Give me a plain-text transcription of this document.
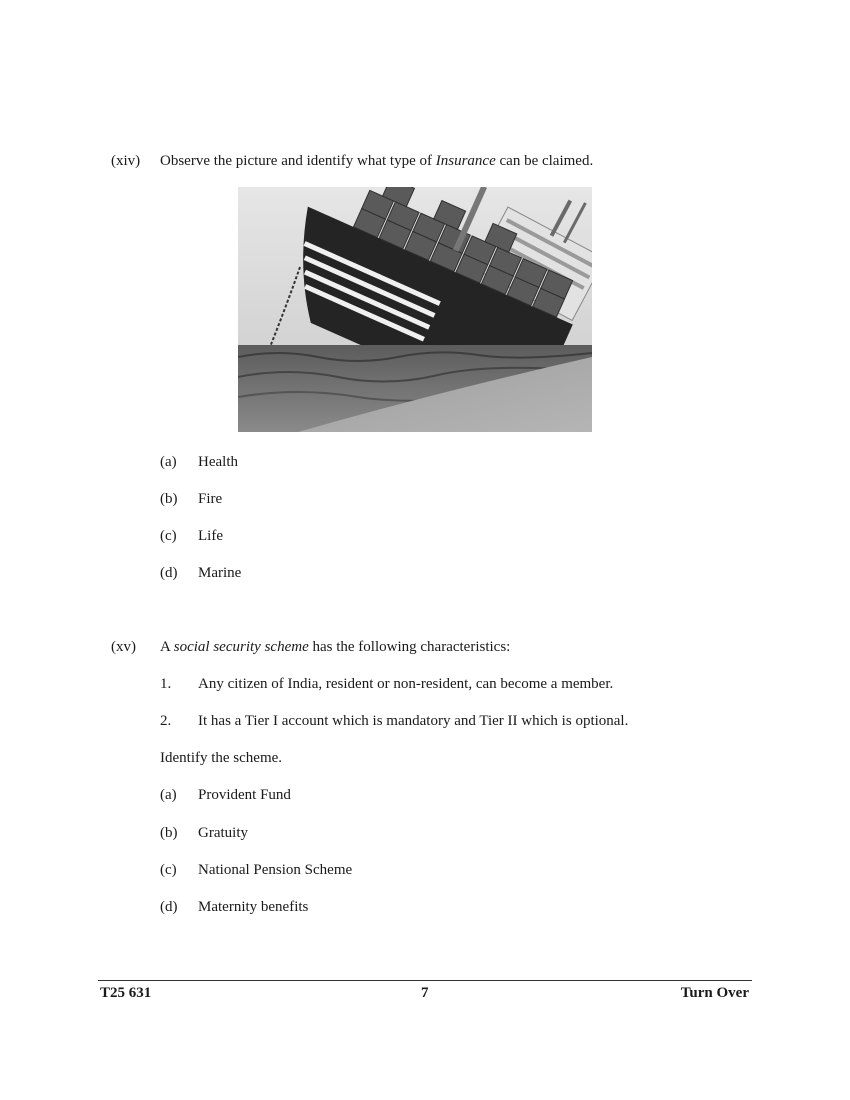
(xiv) Observe the picture and identify what type of Insurance can be claimed.
(a) Health
(b) Fire
(c) Life
(d) Marine
(xv) A social security scheme has the following characteristics:
1. Any citizen of India, resident or non-resident, can become a member.
2. It has a Tier I account which is mandatory and Tier II which is optional.
Identify the scheme.
(a) Provident Fund
(b) Gratuity
(c) National Pension Scheme
(d) Maternity benefits
T25 631	7	Turn Over
